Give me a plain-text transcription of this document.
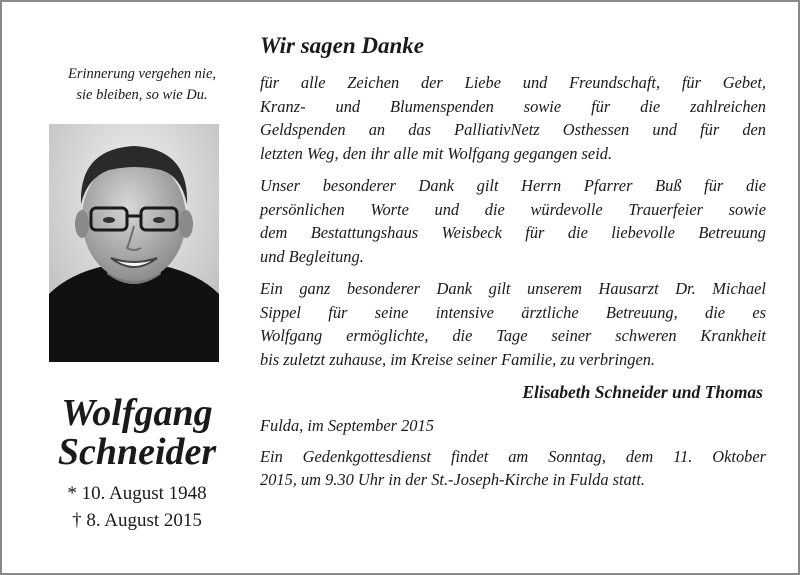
Erinnerung vergehen nie,
sie bleiben, so wie Du.
Wolfgang
Schneider
* 10. August 1948
† 8. August 2015
Wir sagen Danke
für alle Zeichen der Liebe und Freundschaft, für Gebet,
Kranz- und Blumenspenden sowie für die zahlreichen
Geldspenden an das PalliativNetz Osthessen und für den
letzten Weg, den ihr alle mit Wolfgang gegangen seid.
Unser besonderer Dank gilt Herrn Pfarrer Buß für die
persönlichen Worte und die würdevolle Trauerfeier sowie
dem Bestattungshaus Weisbeck für die liebevolle Betreuung
und Begleitung.
Ein ganz besonderer Dank gilt unserem Hausarzt Dr. Michael
Sippel für seine intensive ärztliche Betreuung, die es
Wolfgang ermöglichte, die Tage seiner schweren Krankheit
bis zuletzt zuhause, im Kreise seiner Familie, zu verbringen.
Elisabeth Schneider und Thomas
Fulda, im September 2015
Ein Gedenkgottesdienst findet am Sonntag, dem 11. Oktober
2015, um 9.30 Uhr in der St.-Joseph-Kirche in Fulda statt.
